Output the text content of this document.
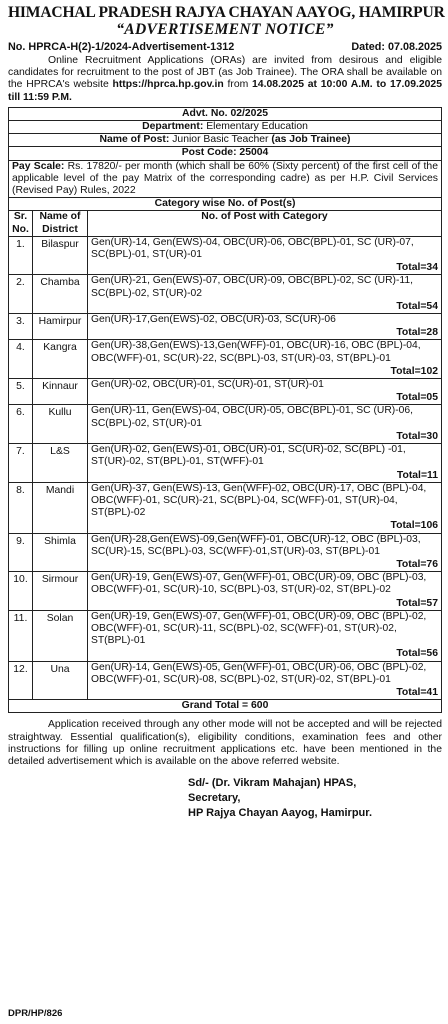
HIMACHAL PRADESH RAJYA CHAYAN AAYOG, HAMIRPUR
“ADVERTISEMENT NOTICE”
No. HPRCA-H(2)-1/2024-Advertisement-1312	Dated: 07.08.2025
Online Recruitment Applications (ORAs) are invited from desirous and eligible candidates for recruitment to the post of JBT (as Job Trainee). The ORA shall be available on the HPRCA's website https://hprca.hp.gov.in from 14.08.2025 at 10:00 A.M. to 17.09.2025 till 11:59 P.M.
Advt. No. 02/2025		
Department: Elementary Education		
Name of Post: Junior Basic Teacher (as Job Trainee)		
Post Code: 25004		
Pay Scale: Rs. 17820/- per month (which shall be 60% (Sixty percent) of the first cell of the applicable level of the pay Matrix of the corresponding cadre) as per H.P. Civil Services (Revised Pay) Rules, 2022		
Category wise No. of Post(s)		
Sr. No.	Name of District	No. of Post with Category
1.	Bilaspur	Gen(UR)-14, Gen(EWS)-04, OBC(UR)-06, OBC(BPL)-01, SC (UR)-07, SC(BPL)-01, ST(UR)-01
Total=34

2.	Chamba	Gen(UR)-21, Gen(EWS)-07, OBC(UR)-09, OBC(BPL)-02, SC (UR)-11, SC(BPL)-02, ST(UR)-02
Total=54

3.	Hamirpur	Gen(UR)-17,Gen(EWS)-02, OBC(UR)-03, SC(UR)-06
Total=28

4.	Kangra	Gen(UR)-38,Gen(EWS)-13,Gen(WFF)-01, OBC(UR)-16, OBC (BPL)-04, OBC(WFF)-01, SC(UR)-22, SC(BPL)-03, ST(UR)-03, ST(BPL)-01
Total=102

5.	Kinnaur	Gen(UR)-02, OBC(UR)-01, SC(UR)-01, ST(UR)-01
Total=05

6.	Kullu	Gen(UR)-11, Gen(EWS)-04, OBC(UR)-05, OBC(BPL)-01, SC (UR)-06, SC(BPL)-02, ST(UR)-01
Total=30

7.	L&S	Gen(UR)-02, Gen(EWS)-01, OBC(UR)-01, SC(UR)-02, SC(BPL) -01, ST(UR)-02, ST(BPL)-01, ST(WFF)-01
Total=11

8.	Mandi	Gen(UR)-37, Gen(EWS)-13, Gen(WFF)-02, OBC(UR)-17, OBC (BPL)-04, OBC(WFF)-01, SC(UR)-21, SC(BPL)-04, SC(WFF)-01, ST(UR)-04, ST(BPL)-02
Total=106

9.	Shimla	Gen(UR)-28,Gen(EWS)-09,Gen(WFF)-01, OBC(UR)-12, OBC (BPL)-03, SC(UR)-15, SC(BPL)-03, SC(WFF)-01,ST(UR)-03, ST(BPL)-01
Total=76

10.	Sirmour	Gen(UR)-19, Gen(EWS)-07, Gen(WFF)-01, OBC(UR)-09, OBC (BPL)-03, OBC(WFF)-01, SC(UR)-10, SC(BPL)-03, ST(UR)-02, ST(BPL)-02
Total=57

11.	Solan	Gen(UR)-19, Gen(EWS)-07, Gen(WFF)-01, OBC(UR)-09, OBC (BPL)-02, OBC(WFF)-01, SC(UR)-11, SC(BPL)-02, SC(WFF)-01, ST(UR)-02, ST(BPL)-01
Total=56

12.	Una	Gen(UR)-14, Gen(EWS)-05, Gen(WFF)-01, OBC(UR)-06, OBC (BPL)-02, OBC(WFF)-01, SC(UR)-08, SC(BPL)-02, ST(UR)-02, ST(BPL)-01
Total=41

Grand Total = 600		
Application received through any other mode will not be accepted and will be rejected straightway. Essential qualification(s), eligibility conditions, examination fees and other instructions for filling up online recruitment applications etc. have been mentioned in the detailed advertisement which is available on the above referred website.
Sd/- (Dr. Vikram Mahajan) HPAS,
Secretary,
HP Rajya Chayan Aayog, Hamirpur.
DPR/HP/826
